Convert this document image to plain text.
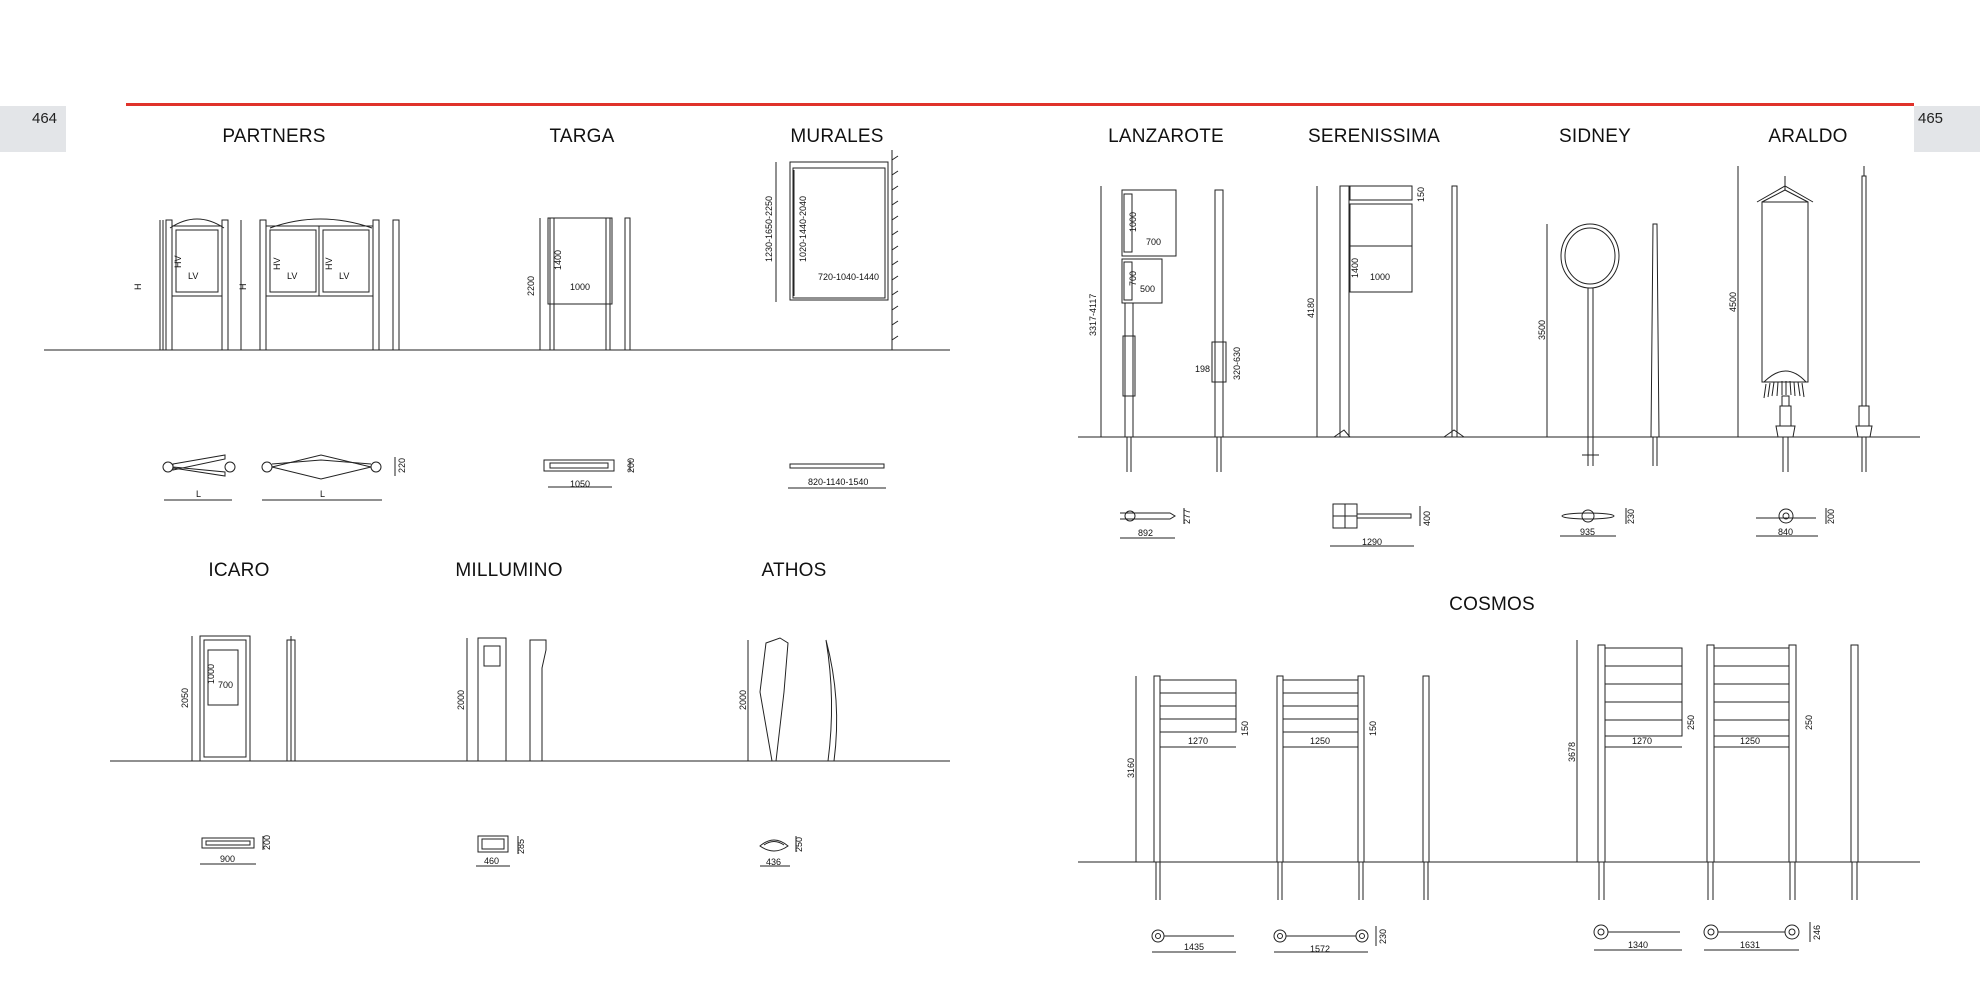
464	465
PARTNERS	TARGA	MURALES	LANZAROTE	SERENISSIMA	SIDNEY	ARALDO
ICARO	MILLUMINO	ATHOS
COSMOS
H
HV
LV
H
HV
LV
HV
LV
L	L
220
2200
1400
1000
1050
200
1230-1650-2250	1020-1440-2040
720-1040-1440
820-1140-1540
3317-4117
1000
700
700
500
198 320-630
892
277
4180
150
1400 1000
1290
400
3500
935
230
4500
840
200
2050
1000
700
900
200
2000
460
285
2000
436
250
3160
1270
150
1250
150
3678
1270
250
1250
250
1435	1572
230
1340	1631
246
